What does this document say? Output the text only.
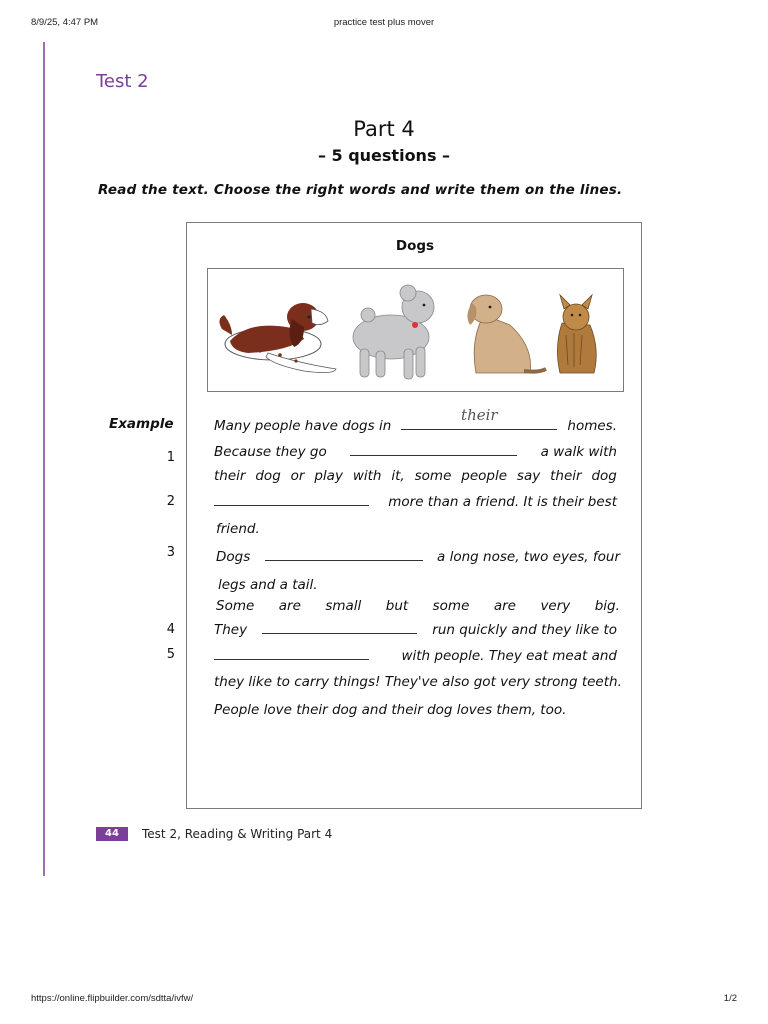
8/9/25, 4:47 PM	practice test plus mover
Test 2
Part 4
– 5 questions –
Read the text. Choose the right words and write them on the lines.
Dogs
Example
1
2
3
4
5
Many people have dogs in
their
homes.
Because they go	a walk with
their dog or play with it, some people say their dog
more than a friend. It is their best
friend.
Dogs	a long nose, two eyes, four
legs and a tail.
Some are small but some are very big.
They	run quickly and they like to
with people. They eat meat and
they like to carry things! They've also got very strong teeth.
People love their dog and their dog loves them, too.
44	Test 2, Reading & Writing Part 4
https://online.flipbuilder.com/sdtta/ivfw/	1/2
